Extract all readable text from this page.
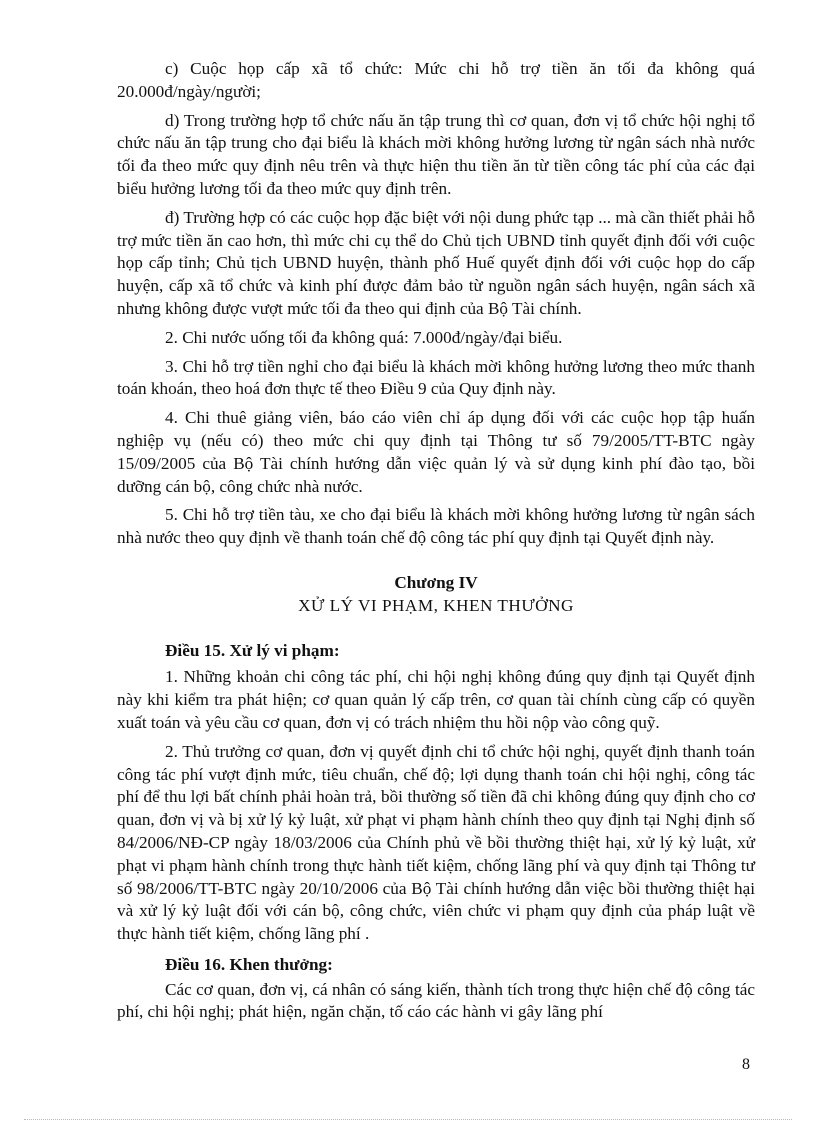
c) Cuộc họp cấp xã tổ chức: Mức chi hỗ trợ tiền ăn tối đa không quá 20.000đ/ngày/người;

d) Trong trường hợp tổ chức nấu ăn tập trung thì cơ quan, đơn vị tổ chức hội nghị tổ chức nấu ăn tập trung cho đại biểu là khách mời không hưởng lương từ ngân sách nhà nước tối đa theo mức quy định nêu trên và thực hiện thu tiền ăn từ tiền công tác phí của các đại biểu hưởng lương tối đa theo mức quy định trên.

đ) Trường hợp có các cuộc họp đặc biệt với nội dung phức tạp ... mà cần thiết phải hỗ trợ mức tiền ăn cao hơn, thì mức chi cụ thể do Chủ tịch UBND tỉnh quyết định đối với cuộc họp cấp tỉnh; Chủ tịch UBND huyện, thành phố Huế quyết định đối với cuộc họp do cấp huyện, cấp xã tổ chức và kinh phí được đảm bảo từ nguồn ngân sách huyện, ngân sách xã nhưng không được vượt mức tối đa theo qui định của Bộ Tài chính.

2. Chi nước uống tối đa không quá: 7.000đ/ngày/đại biểu.

3. Chi hỗ trợ tiền nghỉ cho đại biểu là khách mời không hưởng lương theo mức thanh toán khoán, theo hoá đơn thực tế theo Điều 9 của Quy định này.

4. Chi thuê giảng viên, báo cáo viên chỉ áp dụng đối với các cuộc họp tập huấn nghiệp vụ (nếu có) theo mức chi quy định tại Thông tư số 79/2005/TT-BTC ngày 15/09/2005 của Bộ Tài chính hướng dẫn việc quản lý và sử dụng kinh phí đào tạo, bồi dưỡng cán bộ, công chức nhà nước.

5. Chi hỗ trợ tiền tàu, xe cho đại biểu là khách mời không hưởng lương từ ngân sách nhà nước theo quy định về thanh toán chế độ công tác phí quy định tại Quyết định này.

Chương IV
XỬ LÝ VI PHẠM, KHEN THƯỞNG

Điều 15. Xử lý vi phạm:

1. Những khoản chi công tác phí, chi hội nghị không đúng quy định tại Quyết định này khi kiểm tra phát hiện; cơ quan quản lý cấp trên, cơ quan tài chính cùng cấp có quyền xuất toán và yêu cầu cơ quan, đơn vị có trách nhiệm thu hồi nộp vào công quỹ.

2. Thủ trưởng cơ quan, đơn vị quyết định chi tổ chức hội nghị, quyết định thanh toán công tác phí vượt định mức, tiêu chuẩn, chế độ; lợi dụng thanh toán chi hội nghị, công tác phí để thu lợi bất chính phải hoàn trả, bồi thường số tiền đã chi không đúng quy định cho cơ quan, đơn vị và bị xử lý kỷ luật, xử phạt vi phạm hành chính theo quy định tại Nghị định số 84/2006/NĐ-CP ngày 18/03/2006 của Chính phủ về bồi thường thiệt hại, xử lý kỷ luật, xử phạt vi phạm hành chính trong thực hành tiết kiệm, chống lãng phí và quy định tại Thông tư số 98/2006/TT-BTC ngày 20/10/2006 của Bộ Tài chính hướng dẫn việc bồi thường thiệt hại và xử lý kỷ luật đối với cán bộ, công chức, viên chức vi phạm quy định của pháp luật về thực hành tiết kiệm, chống lãng phí .

Điều 16. Khen thưởng:

Các cơ quan, đơn vị, cá nhân có sáng kiến, thành tích trong thực hiện chế độ công tác phí, chi hội nghị; phát hiện, ngăn chặn, tố cáo các hành vi gây lãng phí

8
